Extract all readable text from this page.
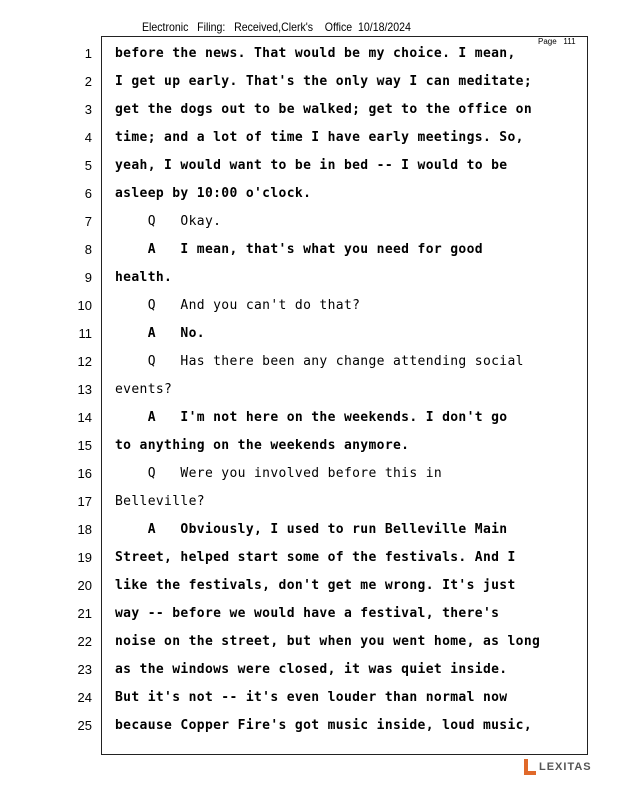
Electronic   Filing:   Received,Clerk's    Office  10/18/2024
Page   111
1
2
3
4
5
6
7
8
9
10
11
12
13
14
15
16
17
18
19
20
21
22
23
24
25
before the news. That would be my choice. I mean,
I get up early. That's the only way I can meditate;
get the dogs out to be walked; get to the office on
time; and a lot of time I have early meetings. So,
yeah, I would want to be in bed -- I would to be
asleep by 10:00 o'clock.
Q   Okay.
A   I mean, that's what you need for good
health.
Q   And you can't do that?
A   No.
Q   Has there been any change attending social
events?
A   I'm not here on the weekends. I don't go
to anything on the weekends anymore.
Q   Were you involved before this in
Belleville?
A   Obviously, I used to run Belleville Main
Street, helped start some of the festivals. And I
like the festivals, don't get me wrong. It's just
way -- before we would have a festival, there's
noise on the street, but when you went home, as long
as the windows were closed, it was quiet inside.
But it's not -- it's even louder than normal now
because Copper Fire's got music inside, loud music,
LEXITAS
